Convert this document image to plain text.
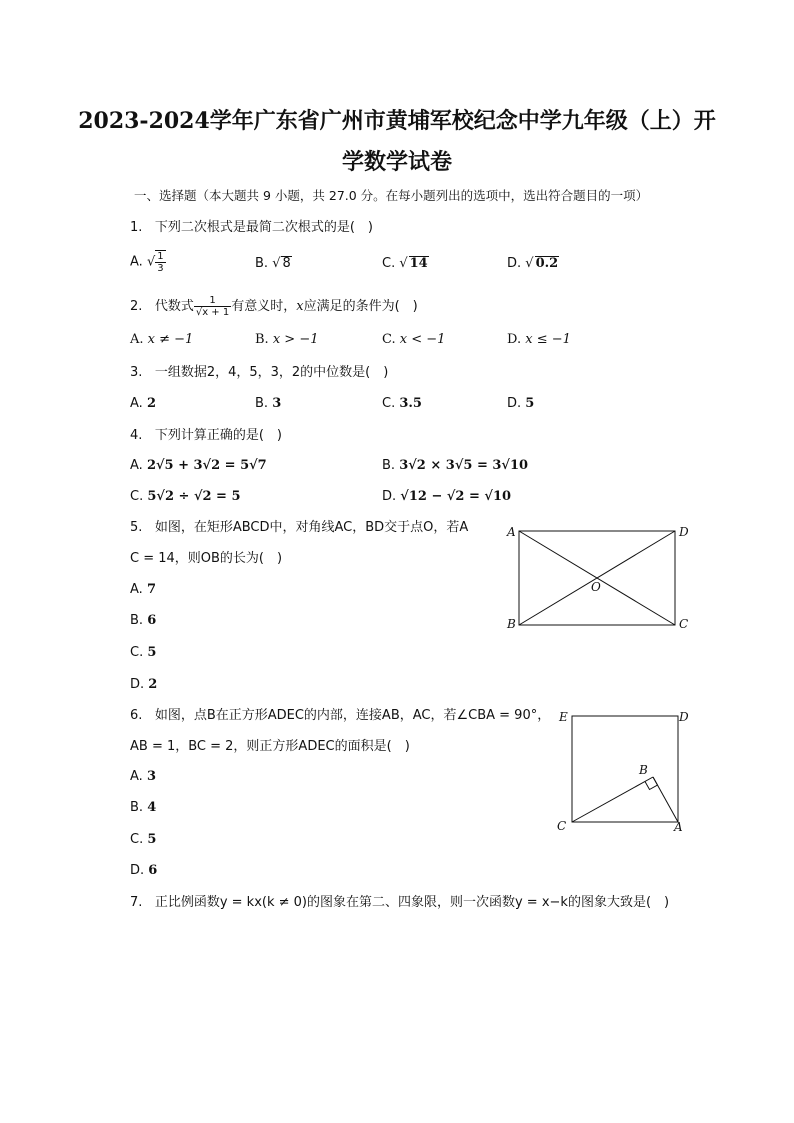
2023-2024学年广东省广州市黄埔军校纪念中学九年级（上）开
学数学试卷
一、选择题（本大题共 9 小题，共 27.0 分。在每小题列出的选项中，选出符合题目的一项）
1. 下列二次根式是最简二次根式的是(　)
A. √ $\frac{1}{3}$	B. √ 8	C. √ 14	D. √ 0.2
2. 代数式 $\frac{1}{√x + 1}$ 有意义时，x应满足的条件为(　)
A. x ≠ −1	B. x > −1	C. x < −1	D. x ≤ −1
3. 一组数据2，4，5，3，2的中位数是(　)
A. 2	B. 3	C. 3.5	D. 5
4. 下列计算正确的是(　)
A. 2√5 + 3√2 = 5√7	B. 3√2 × 3√5 = 3√10
C. 5√2 ÷ √2 = 5	D. √12 − √2 = √10
5. 如图，在矩形ABCD中，对角线AC，BD交于点O，若A
C = 14，则OB的长为(　)
A. 7
B. 6
C. 5
D. 2
A	D
B	C
O
6. 如图，点B在正方形ADEC的内部，连接AB，AC，若∠CBA = 90°，
AB = 1，BC = 2，则正方形ADEC的面积是(　)
A. 3
B. 4
C. 5
D. 6
E	D
B
C	A
7. 正比例函数y = kx(k ≠ 0)的图象在第二、四象限，则一次函数y = x−k的图象大致是(　)
